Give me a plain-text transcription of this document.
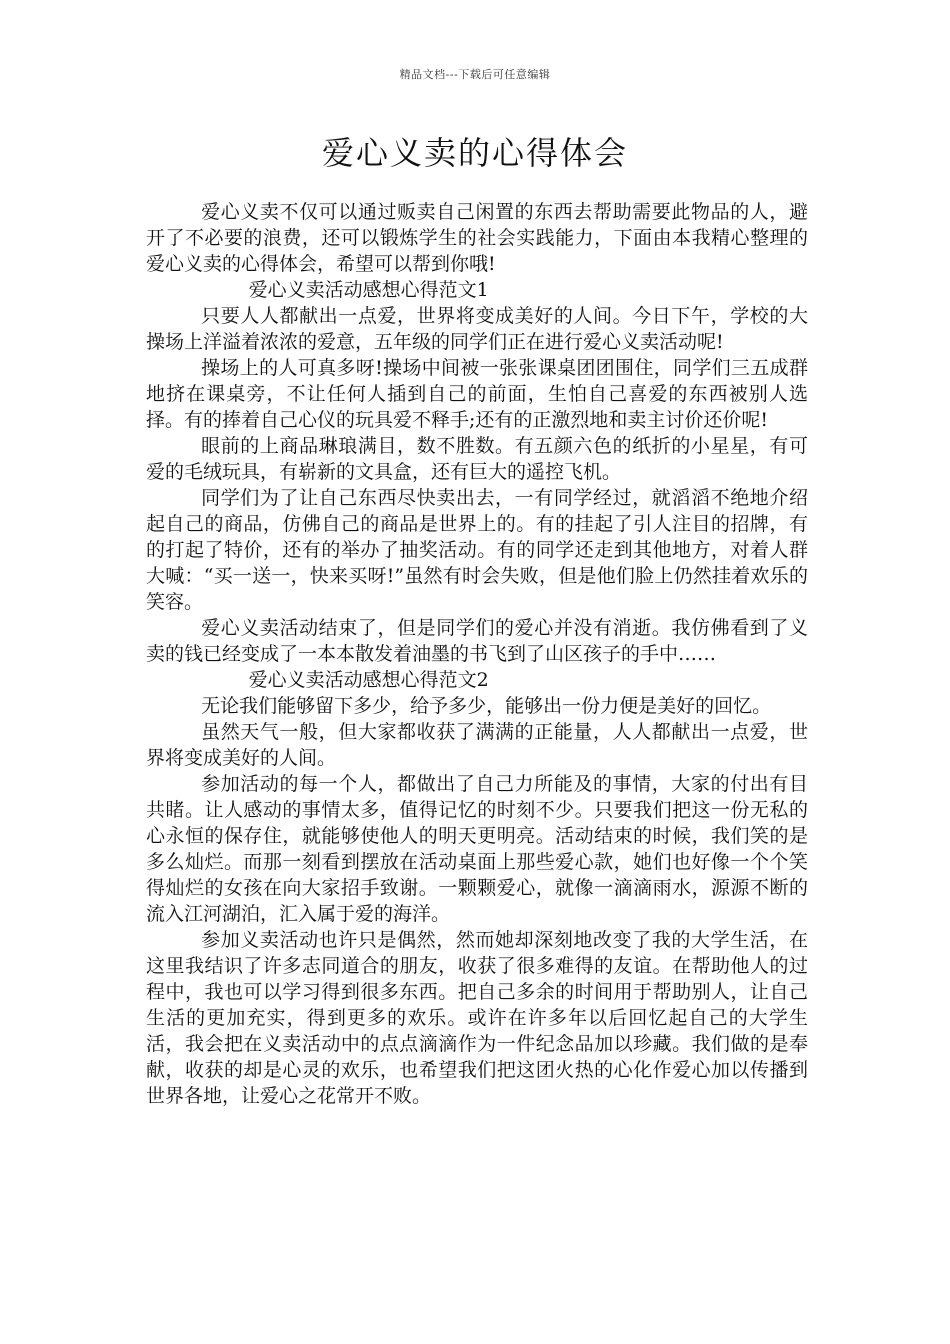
精品文档---下载后可任意编辑
爱心义卖的心得体会

爱心义卖不仅可以通过贩卖自己闲置的东西去帮助需要此物品的人，避开了不必要的浪费，还可以锻炼学生的社会实践能力，下面由本我精心整理的爱心义卖的心得体会，希望可以帮到你哦!

爱心义卖活动感想心得范文1

只要人人都献出一点爱，世界将变成美好的人间。今日下午，学校的大操场上洋溢着浓浓的爱意，五年级的同学们正在进行爱心义卖活动呢!

操场上的人可真多呀!操场中间被一张张课桌团团围住，同学们三五成群地挤在课桌旁，不让任何人插到自己的前面，生怕自己喜爱的东西被别人选择。有的捧着自己心仪的玩具爱不释手;还有的正激烈地和卖主讨价还价呢!

眼前的上商品琳琅满目，数不胜数。有五颜六色的纸折的小星星，有可爱的毛绒玩具，有崭新的文具盒，还有巨大的遥控飞机。

同学们为了让自己东西尽快卖出去，一有同学经过，就滔滔不绝地介绍起自己的商品，仿佛自己的商品是世界上的。有的挂起了引人注目的招牌，有的打起了特价，还有的举办了抽奖活动。有的同学还走到其他地方，对着人群大喊：“买一送一，快来买呀!”虽然有时会失败，但是他们脸上仍然挂着欢乐的笑容。

爱心义卖活动结束了，但是同学们的爱心并没有消逝。我仿佛看到了义卖的钱已经变成了一本本散发着油墨的书飞到了山区孩子的手中……

爱心义卖活动感想心得范文2

无论我们能够留下多少，给予多少，能够出一份力便是美好的回忆。

虽然天气一般，但大家都收获了满满的正能量，人人都献出一点爱，世界将变成美好的人间。

参加活动的每一个人，都做出了自己力所能及的事情，大家的付出有目共睹。让人感动的事情太多，值得记忆的时刻不少。只要我们把这一份无私的心永恒的保存住，就能够使他人的明天更明亮。活动结束的时候，我们笑的是多么灿烂。而那一刻看到摆放在活动桌面上那些爱心款，她们也好像一个个笑得灿烂的女孩在向大家招手致谢。一颗颗爱心，就像一滴滴雨水，源源不断的流入江河湖泊，汇入属于爱的海洋。

参加义卖活动也许只是偶然，然而她却深刻地改变了我的大学生活，在这里我结识了许多志同道合的朋友，收获了很多难得的友谊。在帮助他人的过程中，我也可以学习得到很多东西。把自己多余的时间用于帮助别人，让自己生活的更加充实，得到更多的欢乐。或许在许多年以后回忆起自己的大学生活，我会把在义卖活动中的点点滴滴作为一件纪念品加以珍藏。我们做的是奉献，收获的却是心灵的欢乐，也希望我们把这团火热的心化作爱心加以传播到世界各地，让爱心之花常开不败。
